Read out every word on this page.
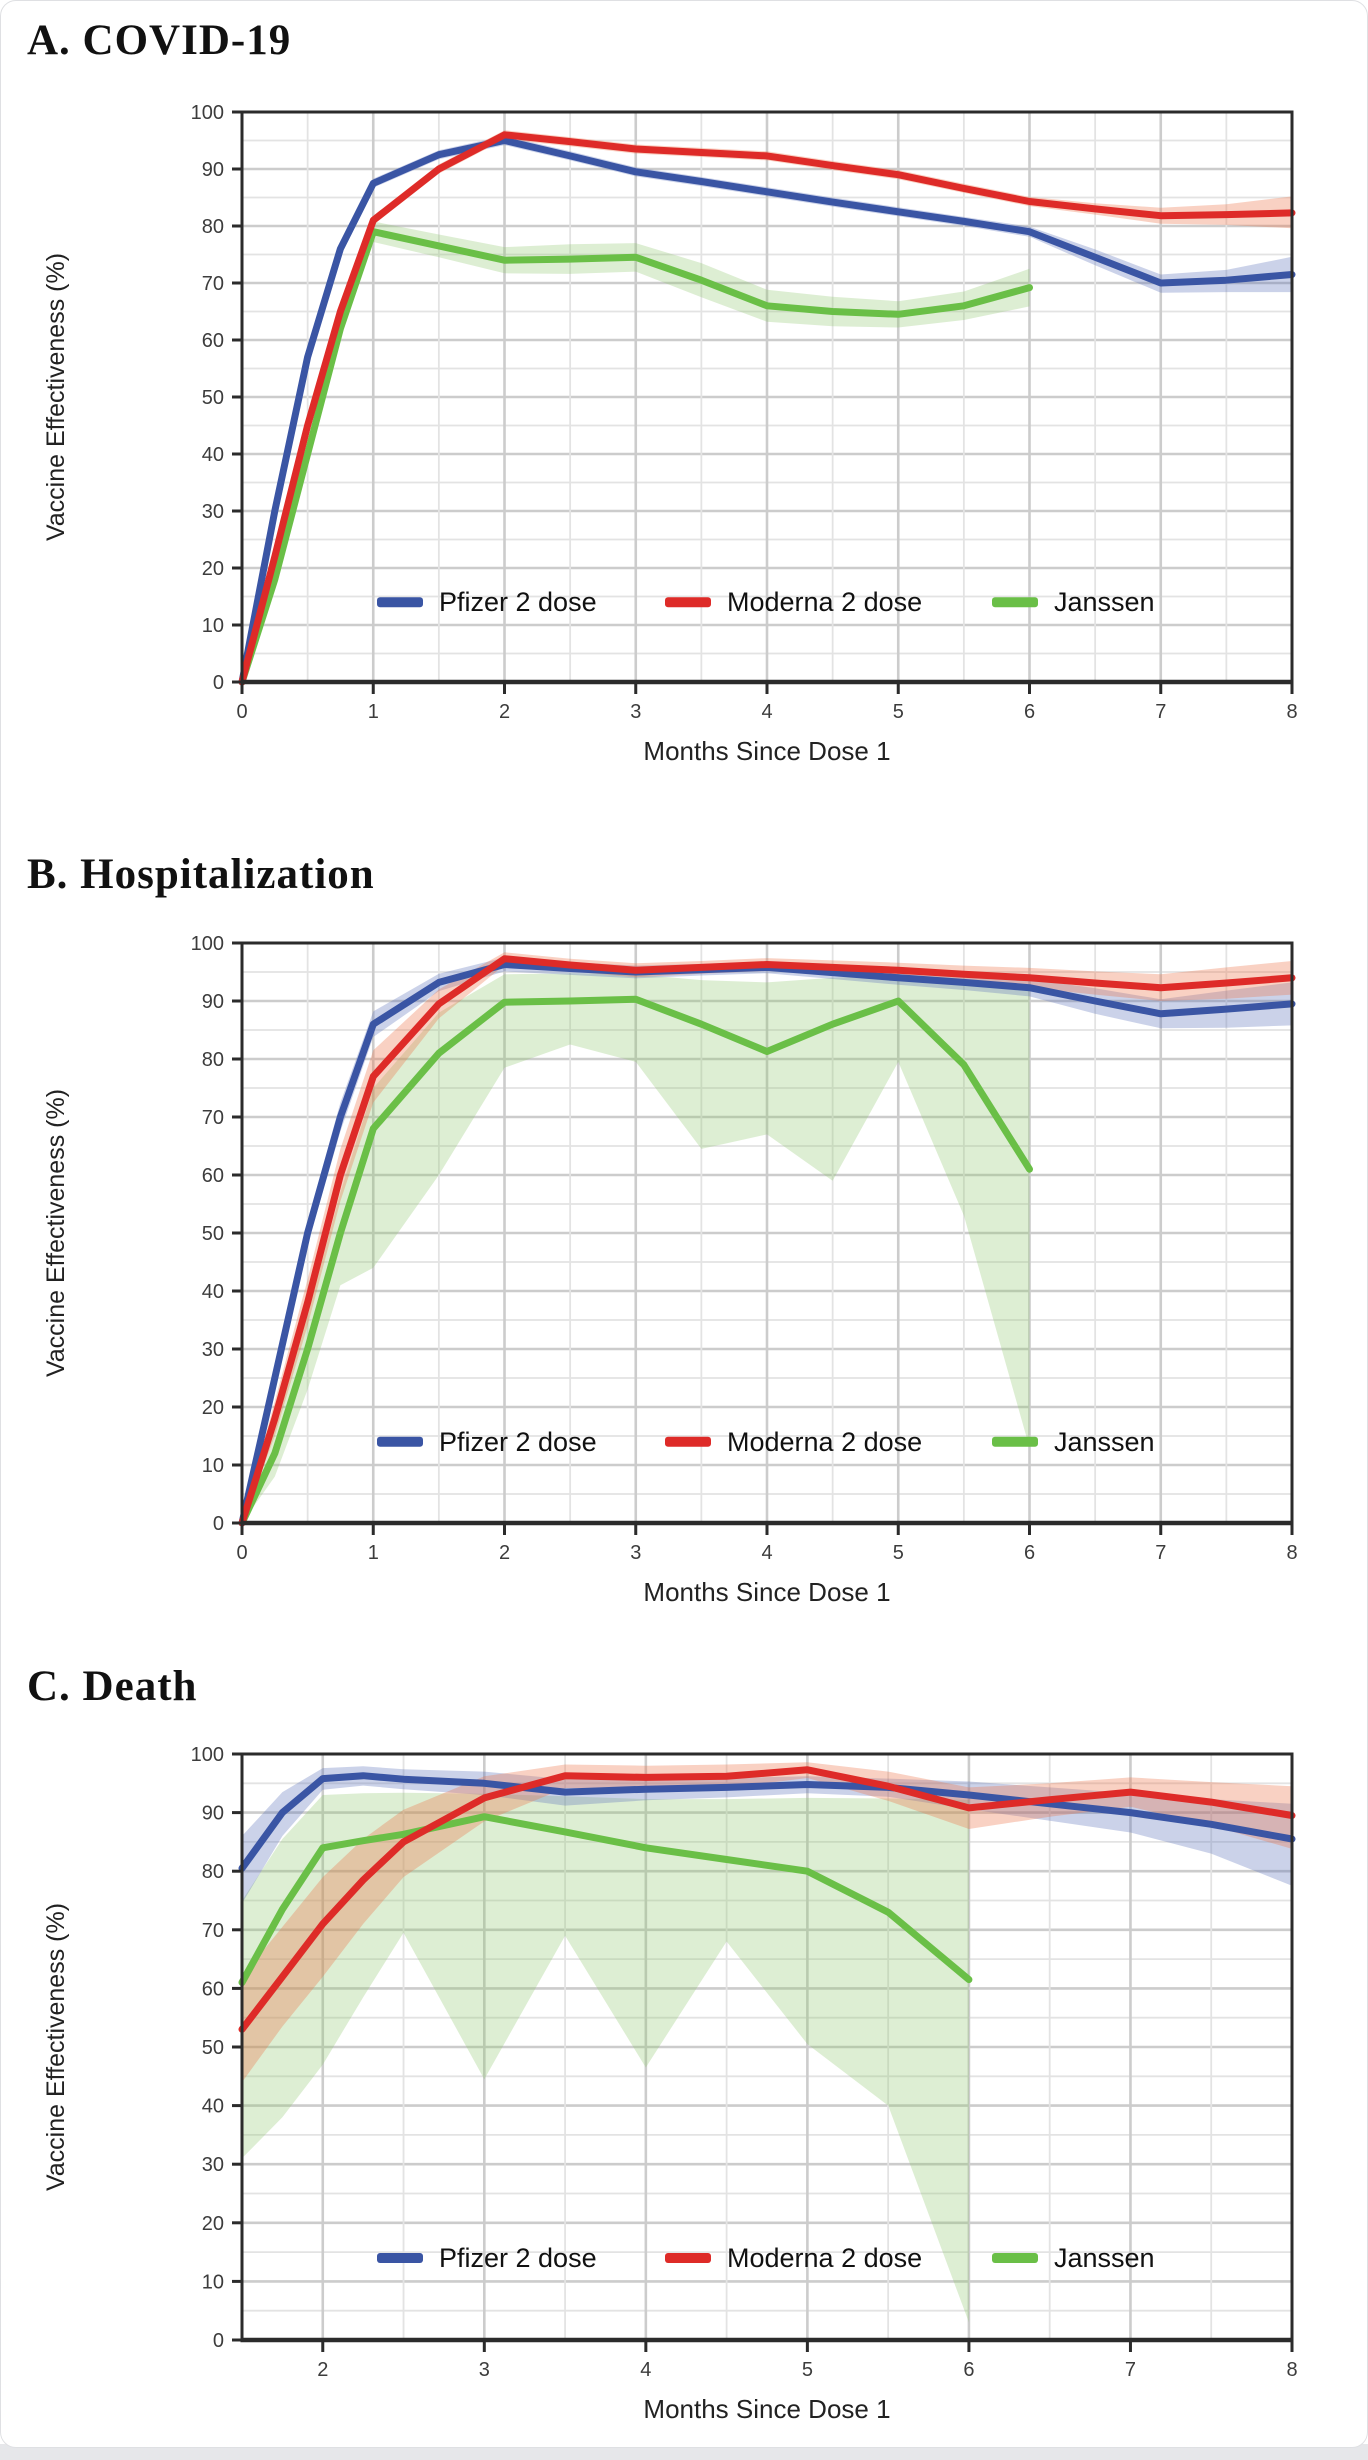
A. COVID-19
0	1	2	3	4	5	6	7	8
0
10
20
30
40
50
60
70
80
90
100
Months Since Dose 1
Vaccine Effectiveness (%)
Pfizer 2 dose	Moderna 2 dose	Janssen
B. Hospitalization
0	1	2	3	4	5	6	7	8
0
10
20
30
40
50
60
70
80
90
100
Months Since Dose 1
Vaccine Effectiveness (%)
Pfizer 2 dose	Moderna 2 dose	Janssen
C. Death
2	3	4	5	6	7	8
0
10
20
30
40
50
60
70
80
90
100
Months Since Dose 1
Vaccine Effectiveness (%)
Pfizer 2 dose	Moderna 2 dose	Janssen
